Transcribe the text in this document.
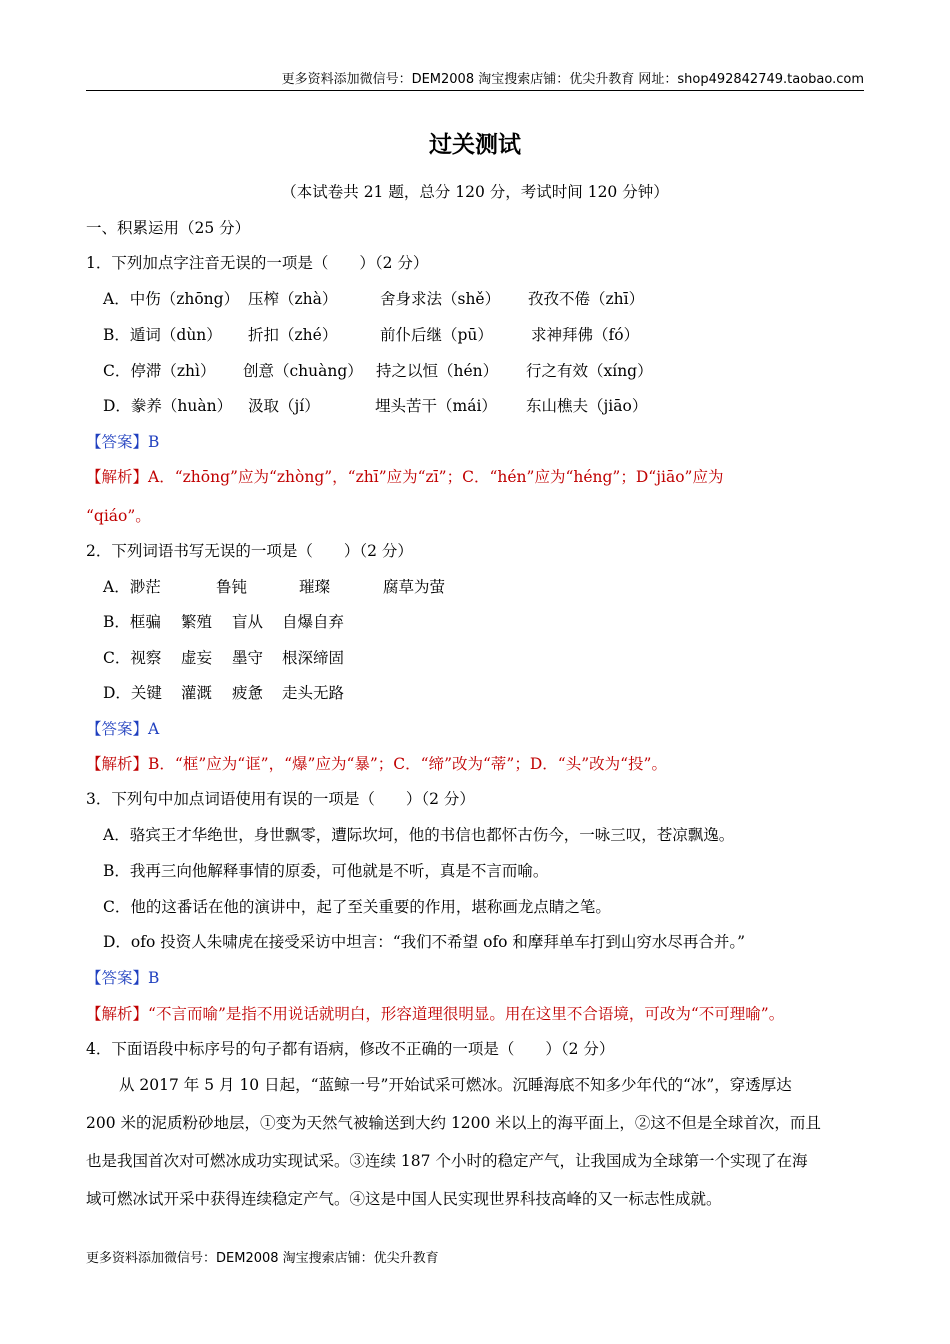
更多资料添加微信号：DEM2008 淘宝搜索店铺：优尖升教育 网址：shop492842749.taobao.com
过关测试
（本试卷共 21 题，总分 120 分，考试时间 120 分钟）
一、积累运用（25 分）
1．下列加点字注音无误的一项是（　　）（2 分）
A．中伤（zhōng） 压榨（zhà）	舍身求法（shě） 孜孜不倦（zhī）
B．遁词（dùn） 折扣（zhé）	前仆后继（pū） 求神拜佛（fó）
C．停滞（zhì） 创意（chuàng） 持之以恒（hén） 行之有效（xíng）
D．豢养（huàn） 汲取（jí）	埋头苦干（mái） 东山樵夫（jiāo）
【答案】B
【解析】A．“zhōng”应为“zhòng”，“zhī”应为“zī”；C．“hén”应为“héng”；D“jiāo”应为
“qiáo”。
2．下列词语书写无误的一项是（　　）（2 分）
A．渺茫	鲁钝	璀璨	腐草为萤
B．框骗 繁殖 盲从 自爆自弃
C．视察 虚妄 墨守 根深缔固
D．关键 灌溉 疲惫 走头无路
【答案】A
【解析】B．“框”应为“诓”，“爆”应为“暴”；C．“缔”改为“蒂”；D．“头”改为“投”。
3．下列句中加点词语使用有误的一项是（　　）（2 分）
A．骆宾王才华绝世，身世飘零，遭际坎坷，他的书信也都怀古伤今，一咏三叹，苍凉飘逸。
B．我再三向他解释事情的原委，可他就是不听，真是不言而喻。
C．他的这番话在他的演讲中，起了至关重要的作用，堪称画龙点睛之笔。
D．ofo 投资人朱啸虎在接受采访中坦言：“我们不希望 ofo 和摩拜单车打到山穷水尽再合并。”
【答案】B
【解析】“不言而喻”是指不用说话就明白，形容道理很明显。用在这里不合语境，可改为“不可理喻”。
4．下面语段中标序号的句子都有语病，修改不正确的一项是（　　）（2 分）
从 2017 年 5 月 10 日起，“蓝鲸一号”开始试采可燃冰。沉睡海底不知多少年代的“冰”，穿透厚达
200 米的泥质粉砂地层，①变为天然气被输送到大约 1200 米以上的海平面上，②这不但是全球首次，而且
也是我国首次对可燃冰成功实现试采。③连续 187 个小时的稳定产气，让我国成为全球第一个实现了在海
域可燃冰试开采中获得连续稳定产气。④这是中国人民实现世界科技高峰的又一标志性成就。
更多资料添加微信号：DEM2008 淘宝搜索店铺：优尖升教育
